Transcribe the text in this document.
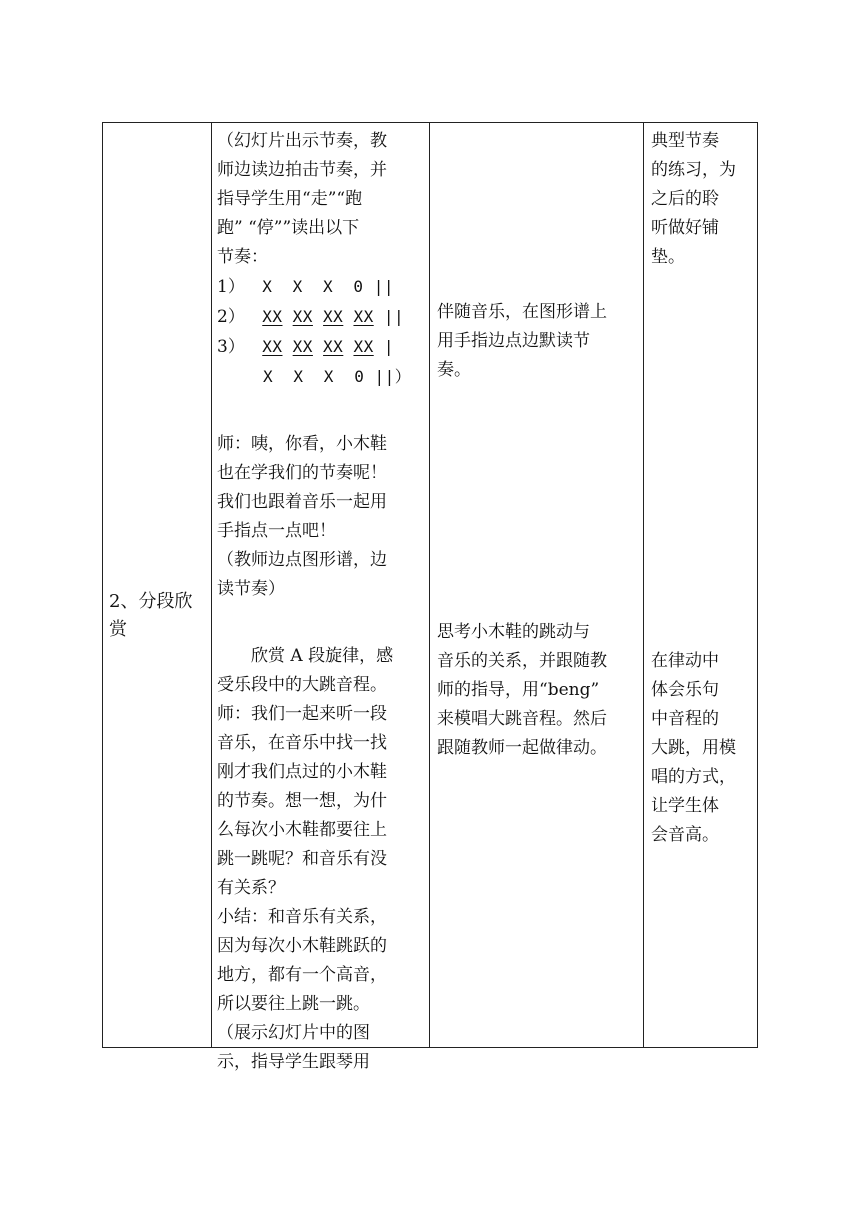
2、分段欣

赏

（幻灯片出示节奏，教

师边读边拍击节奏，并

指导学生用“走”“跑

跑” “停””读出以下

节奏：

1） X  X  X  0 ||

2） XX XX XX XX ||

3） XX XX XX XX |

X  X  X  0 ||）

师：咦，你看，小木鞋

也在学我们的节奏呢！

我们也跟着音乐一起用

手指点一点吧！

（教师边点图形谱，边

读节奏）

欣赏 A 段旋律，感

受乐段中的大跳音程。

师：我们一起来听一段

音乐，在音乐中找一找

刚才我们点过的小木鞋

的节奏。想一想，为什

么每次小木鞋都要往上

跳一跳呢？和音乐有没

有关系？

小结：和音乐有关系，

因为每次小木鞋跳跃的

地方，都有一个高音，

所以要往上跳一跳。

（展示幻灯片中的图

示，指导学生跟琴用

伴随音乐，在图形谱上

用手指边点边默读节

奏。

思考小木鞋的跳动与

音乐的关系，并跟随教

师的指导，用“beng”

来模唱大跳音程。然后

跟随教师一起做律动。

典型节奏

的练习，为

之后的聆

听做好铺

垫。

在律动中

体会乐句

中音程的

大跳，用模

唱的方式，

让学生体

会音高。
